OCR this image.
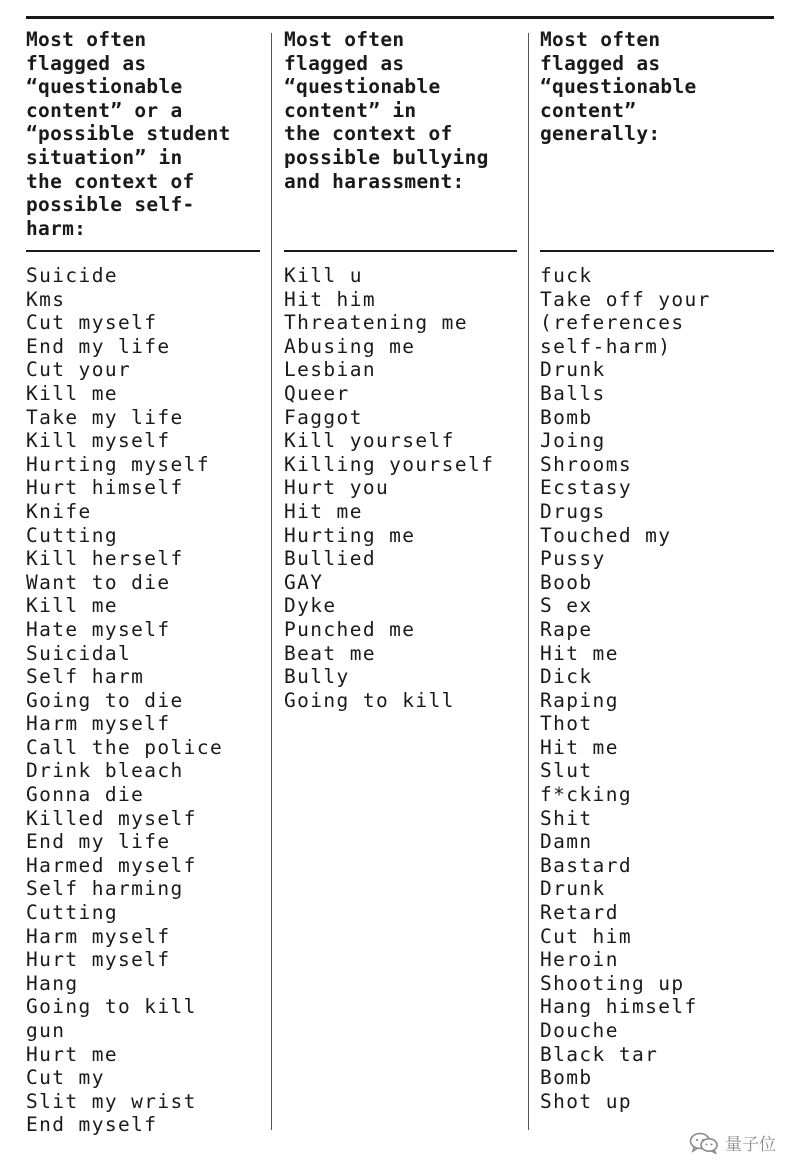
Most often
flagged as
“questionable
content” or a
“possible student
situation” in
the context of
possible self-
harm:
Suicide
Kms
Cut myself
End my life
Cut your
Kill me
Take my life
Kill myself
Hurting myself
Hurt himself
Knife
Cutting
Kill herself
Want to die
Kill me
Hate myself
Suicidal
Self harm
Going to die
Harm myself
Call the police
Drink bleach
Gonna die
Killed myself
End my life
Harmed myself
Self harming
Cutting
Harm myself
Hurt myself
Hang
Going to kill
gun
Hurt me
Cut my
Slit my wrist
End myself
Most often
flagged as
“questionable
content” in
the context of
possible bullying
and harassment:
Kill u
Hit him
Threatening me
Abusing me
Lesbian
Queer
Faggot
Kill yourself
Killing yourself
Hurt you
Hit me
Hurting me
Bullied
GAY
Dyke
Punched me
Beat me
Bully
Going to kill
Most often
flagged as
“questionable
content”
generally:
fuck
Take off your
(references
self-harm)
Drunk
Balls
Bomb
Joing
Shrooms
Ecstasy
Drugs
Touched my
Pussy
Boob
S ex
Rape
Hit me
Dick
Raping
Thot
Hit me
Slut
f*cking
Shit
Damn
Bastard
Drunk
Retard
Cut him
Heroin
Shooting up
Hang himself
Douche
Black tar
Bomb
Shot up
量子位
